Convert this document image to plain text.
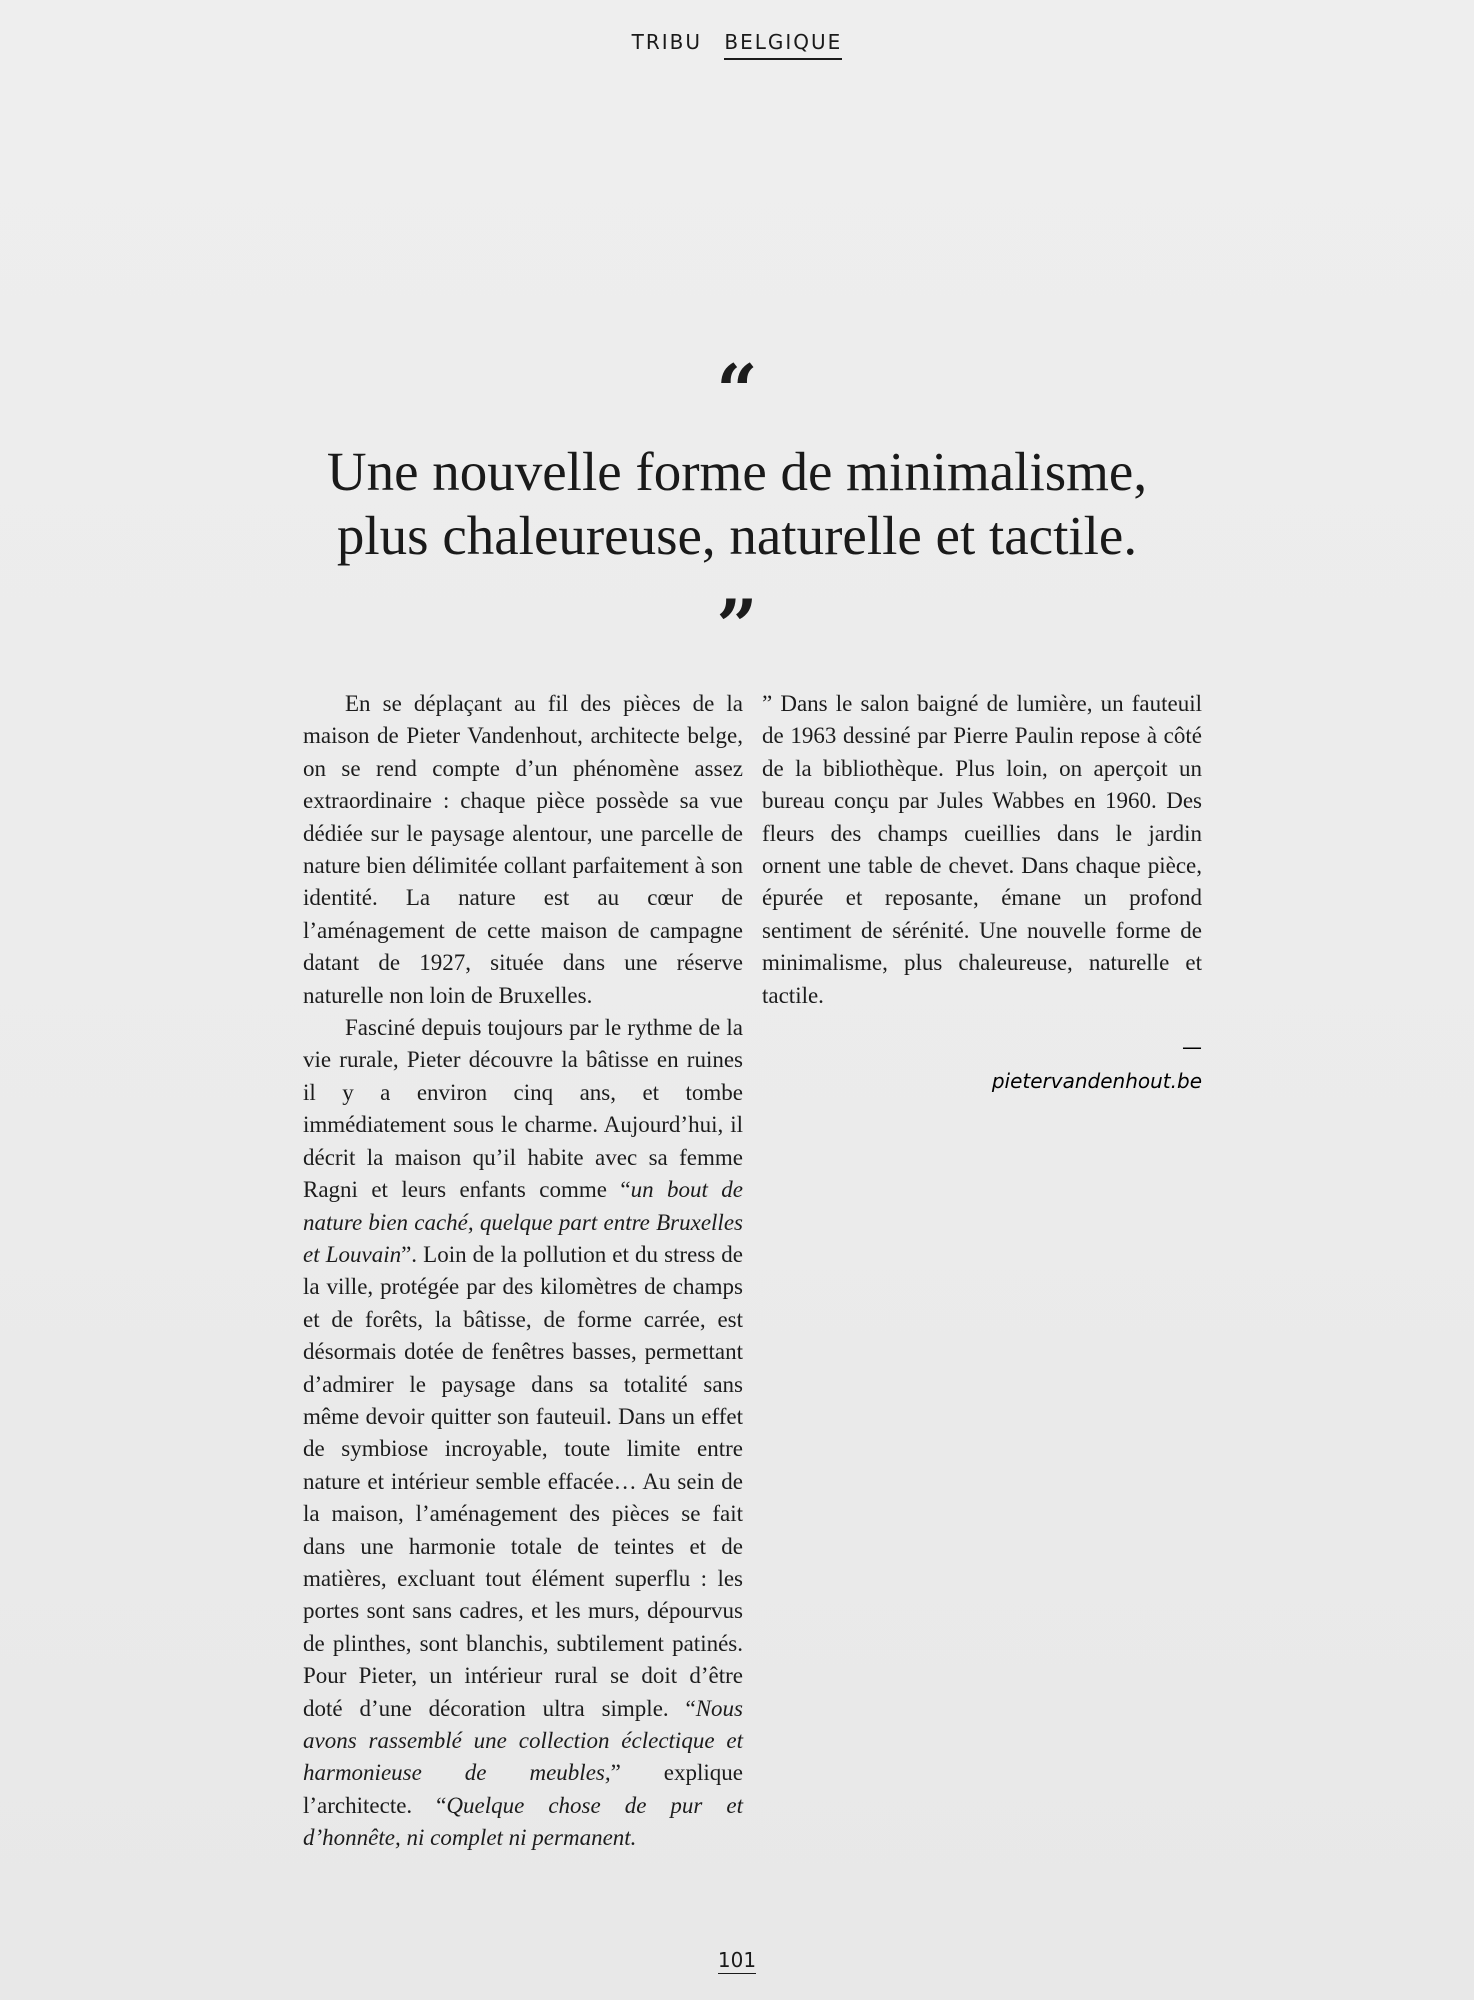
TRIBU BELGIQUE
“
Une nouvelle forme de minimalisme,
plus chaleureuse, naturelle et tactile.
”

En se déplaçant au fil des pièces de la maison de Pieter Vandenhout, architecte belge, on se rend compte d’un phénomène assez extraordinaire : chaque pièce possède sa vue dédiée sur le paysage alentour, une parcelle de nature bien délimitée collant parfaitement à son identité. La nature est au cœur de l’aménagement de cette maison de campagne datant de 1927, située dans une réserve naturelle non loin de Bruxelles.

Fasciné depuis toujours par le rythme de la vie rurale, Pieter découvre la bâtisse en ruines il y a environ cinq ans, et tombe immédiatement sous le charme. Aujourd’hui, il décrit la maison qu’il habite avec sa femme Ragni et leurs enfants comme “un bout de nature bien caché, quelque part entre Bruxelles et Louvain”. Loin de la pollution et du stress de la ville, protégée par des kilomètres de champs et de forêts, la bâtisse, de forme carrée, est désormais dotée de fenêtres basses, permettant d’admirer le paysage dans sa totalité sans même devoir quitter son fauteuil. Dans un effet de symbiose incroyable, toute limite entre nature et intérieur semble effacée… Au sein de la maison, l’aménagement des pièces se fait dans une harmonie totale de teintes et de matières, excluant tout élément superflu : les portes sont sans cadres, et les murs, dépourvus de plinthes, sont blanchis, subtilement patinés. Pour Pieter, un intérieur rural se doit d’être doté d’une décoration ultra simple. “Nous avons rassemblé une collection éclectique et harmonieuse de meubles,” explique l’architecte. “Quelque chose de pur et d’honnête, ni complet ni permanent.

” Dans le salon baigné de lumière, un fauteuil de 1963 dessiné par Pierre Paulin repose à côté de la bibliothèque. Plus loin, on aperçoit un bureau conçu par Jules Wabbes en 1960. Des fleurs des champs cueillies dans le jardin ornent une table de chevet. Dans chaque pièce, épurée et reposante, émane un profond sentiment de sérénité. Une nouvelle forme de minimalisme, plus chaleureuse, naturelle et tactile.

—
pietervandenhout.be
101
